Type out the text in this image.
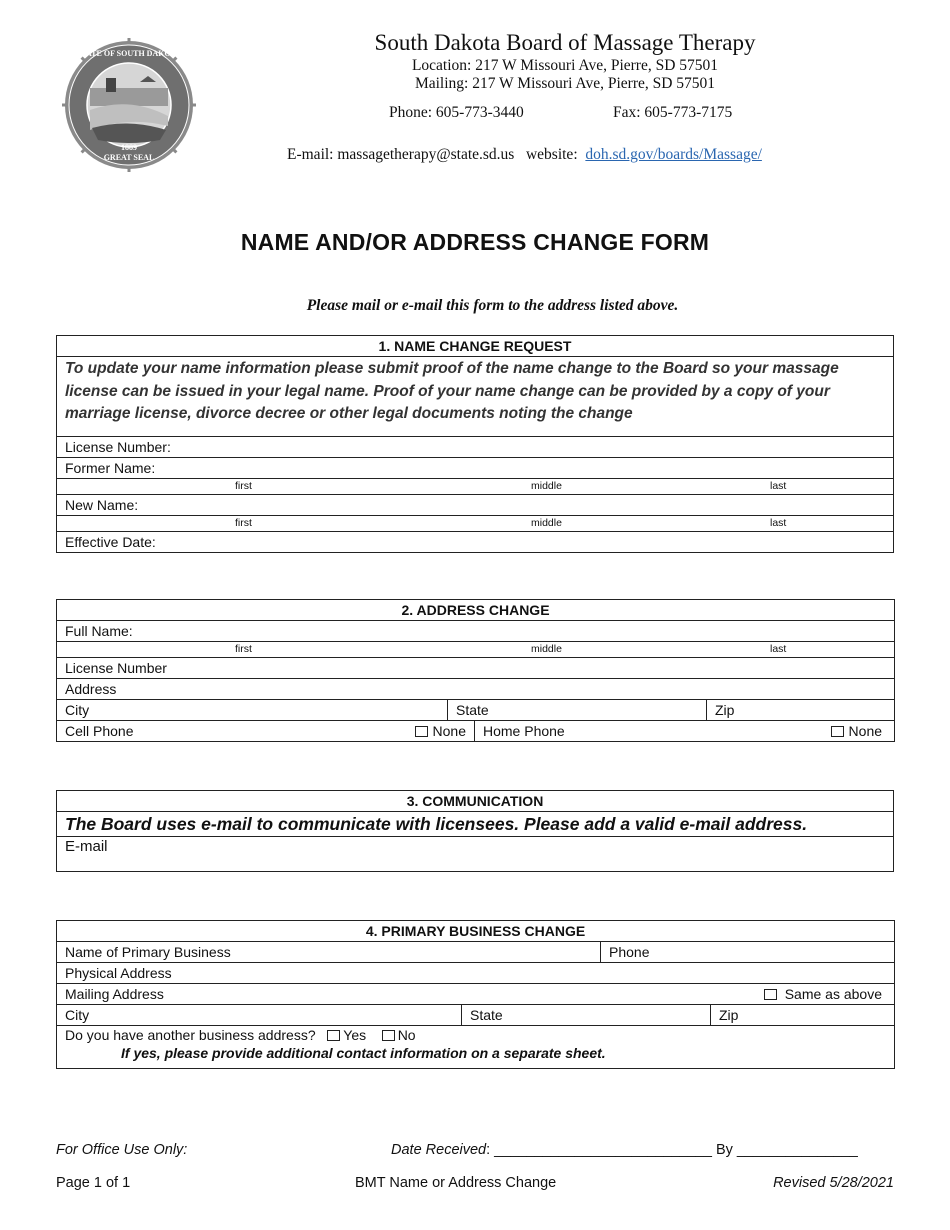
STATE OF SOUTH DAKOTA
GREAT SEAL
1889
South Dakota Board of Massage Therapy
Location: 217 W Missouri Ave, Pierre, SD 57501
Mailing: 217 W Missouri Ave, Pierre, SD 57501
Phone: 605-773-3440	Fax: 605-773-7175
E-mail: massagetherapy@state.sd.us website: doh.sd.gov/boards/Massage/
NAME AND/OR ADDRESS CHANGE FORM
Please mail or e-mail this form to the address listed above.
1. NAME CHANGE REQUEST
To update your name information please submit proof of the name change to the Board so your massage license can be issued in your legal name. Proof of your name change can be provided by a copy of your marriage license, divorce decree or other legal documents noting the change
License Number:
Former Name:

first	middle	last

New Name:

first	middle	last

Effective Date:
2. ADDRESS CHANGE
Full Name:

first	middle	last

License Number
Address
City	State	Zip

Cell Phone	None	Home Phone	None
3. COMMUNICATION
The Board uses e-mail to communicate with licensees. Please add a valid e-mail address.
E-mail
4. PRIMARY BUSINESS CHANGE			
Name of Primary Business		Phone	
Physical Address			
Mailing Address Same as above			

City	State		Zip

Do you have another business address? Yes No
If yes, please provide additional contact information on a separate sheet.			
For Office Use Only:	Date Received: ___________________________ By _______________
Page 1 of 1	BMT Name or Address Change	Revised 5/28/2021
